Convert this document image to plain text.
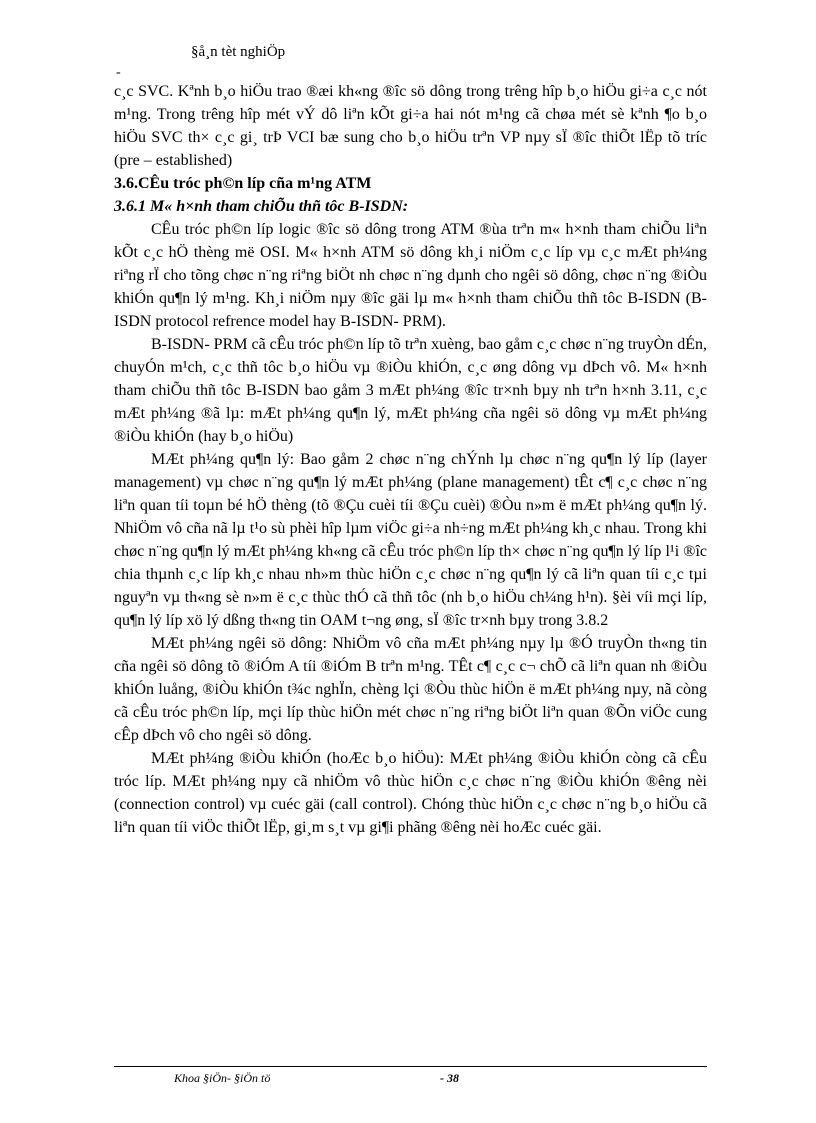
§å¸n tèt nghiÖp
-

c¸c SVC. Kªnh b¸o hiÖu trao ®æi kh«ng ®îc sö dông trong trêng hîp b¸o hiÖu gi÷a c¸c nót m¹ng. Trong trêng hîp mét vÝ dô liªn kÕt gi÷a hai nót m¹ng cã chøa mét sè kªnh ¶o b¸o hiÖu SVC th× c¸c gi¸ trÞ VCI bæ sung cho b¸o hiÖu trªn VP nµy sÏ ®îc thiÕt lËp tõ tríc (pre – established)

3.6.CÊu tróc ph©n líp cña m¹ng ATM

3.6.1 M« h×nh tham chiÕu thñ tôc B-ISDN:

CÊu tróc ph©n líp logic ®îc sö dông trong ATM ®ùa trªn m« h×nh tham chiÕu liªn kÕt c¸c hÖ thèng më OSI. M« h×nh ATM sö dông kh¸i niÖm c¸c líp vµ c¸c mÆt ph¼ng riªng rÏ cho tõng chøc n¨ng riªng biÖt nh chøc n¨ng dµnh cho ngêi sö dông, chøc n¨ng ®iÒu khiÓn qu¶n lý m¹ng. Kh¸i niÖm nµy ®îc gäi lµ m« h×nh tham chiÕu thñ tôc B-ISDN (B-ISDN protocol refrence model hay B-ISDN- PRM).

B-ISDN- PRM cã cÊu tróc ph©n líp tõ trªn xuèng, bao gåm c¸c chøc n¨ng truyÒn dÉn, chuyÓn m¹ch, c¸c thñ tôc b¸o hiÖu vµ ®iÒu khiÓn, c¸c øng dông vµ dÞch vô. M« h×nh tham chiÕu thñ tôc B-ISDN bao gåm 3 mÆt ph¼ng ®îc tr×nh bµy nh trªn h×nh 3.11, c¸c mÆt ph¼ng ®ã lµ: mÆt ph¼ng qu¶n lý, mÆt ph¼ng cña ngêi sö dông vµ mÆt ph¼ng ®iÒu khiÓn (hay b¸o hiÖu)

MÆt ph¼ng qu¶n lý: Bao gåm 2 chøc n¨ng chÝnh lµ chøc n¨ng qu¶n lý líp (layer management) vµ chøc n¨ng qu¶n lý mÆt ph¼ng (plane management) tÊt c¶ c¸c chøc n¨ng liªn quan tíi toµn bé hÖ thèng (tõ ®Çu cuèi tíi ®Çu cuèi) ®Òu n»m ë mÆt ph¼ng qu¶n lý. NhiÖm vô cña nã lµ t¹o sù phèi hîp lµm viÖc gi÷a nh÷ng mÆt ph¼ng kh¸c nhau. Trong khi chøc n¨ng qu¶n lý mÆt ph¼ng kh«ng cã cÊu tróc ph©n líp th× chøc n¨ng qu¶n lý líp l¹i ®îc chia thµnh c¸c líp kh¸c nhau nh»m thùc hiÖn c¸c chøc n¨ng qu¶n lý cã liªn quan tíi c¸c tµi nguyªn vµ th«ng sè n»m ë c¸c thùc thÓ cã thñ tôc (nh b¸o hiÖu ch¼ng h¹n). §èi víi mçi líp, qu¶n lý líp xö lý dßng th«ng tin OAM t¬ng øng, sÏ ®îc tr×nh bµy trong 3.8.2

MÆt ph¼ng ngêi sö dông: NhiÖm vô cña mÆt ph¼ng nµy lµ ®Ó truyÒn th«ng tin cña ngêi sö dông tõ ®iÓm A tíi ®iÓm B trªn m¹ng. TÊt c¶ c¸c c¬ chÕ cã liªn quan nh ®iÒu khiÓn luång, ®iÒu khiÓn t¾c nghÏn, chèng lçi ®Òu thùc hiÖn ë mÆt ph¼ng nµy, nã còng cã cÊu tróc ph©n líp, mçi líp thùc hiÖn mét chøc n¨ng riªng biÖt liªn quan ®Õn viÖc cung cÊp dÞch vô cho ngêi sö dông.

MÆt ph¼ng ®iÒu khiÓn (hoÆc b¸o hiÖu): MÆt ph¼ng ®iÒu khiÓn còng cã cÊu tróc líp. MÆt ph¼ng nµy cã nhiÖm vô thùc hiÖn c¸c chøc n¨ng ®iÒu khiÓn ®êng nèi (connection control) vµ cuéc gäi (call control). Chóng thùc hiÖn c¸c chøc n¨ng b¸o hiÖu cã liªn quan tíi viÖc thiÕt lËp, gi¸m s¸t vµ gi¶i phãng ®êng nèi hoÆc cuéc gäi.

Khoa §iÖn- §iÖn tö	- 38
